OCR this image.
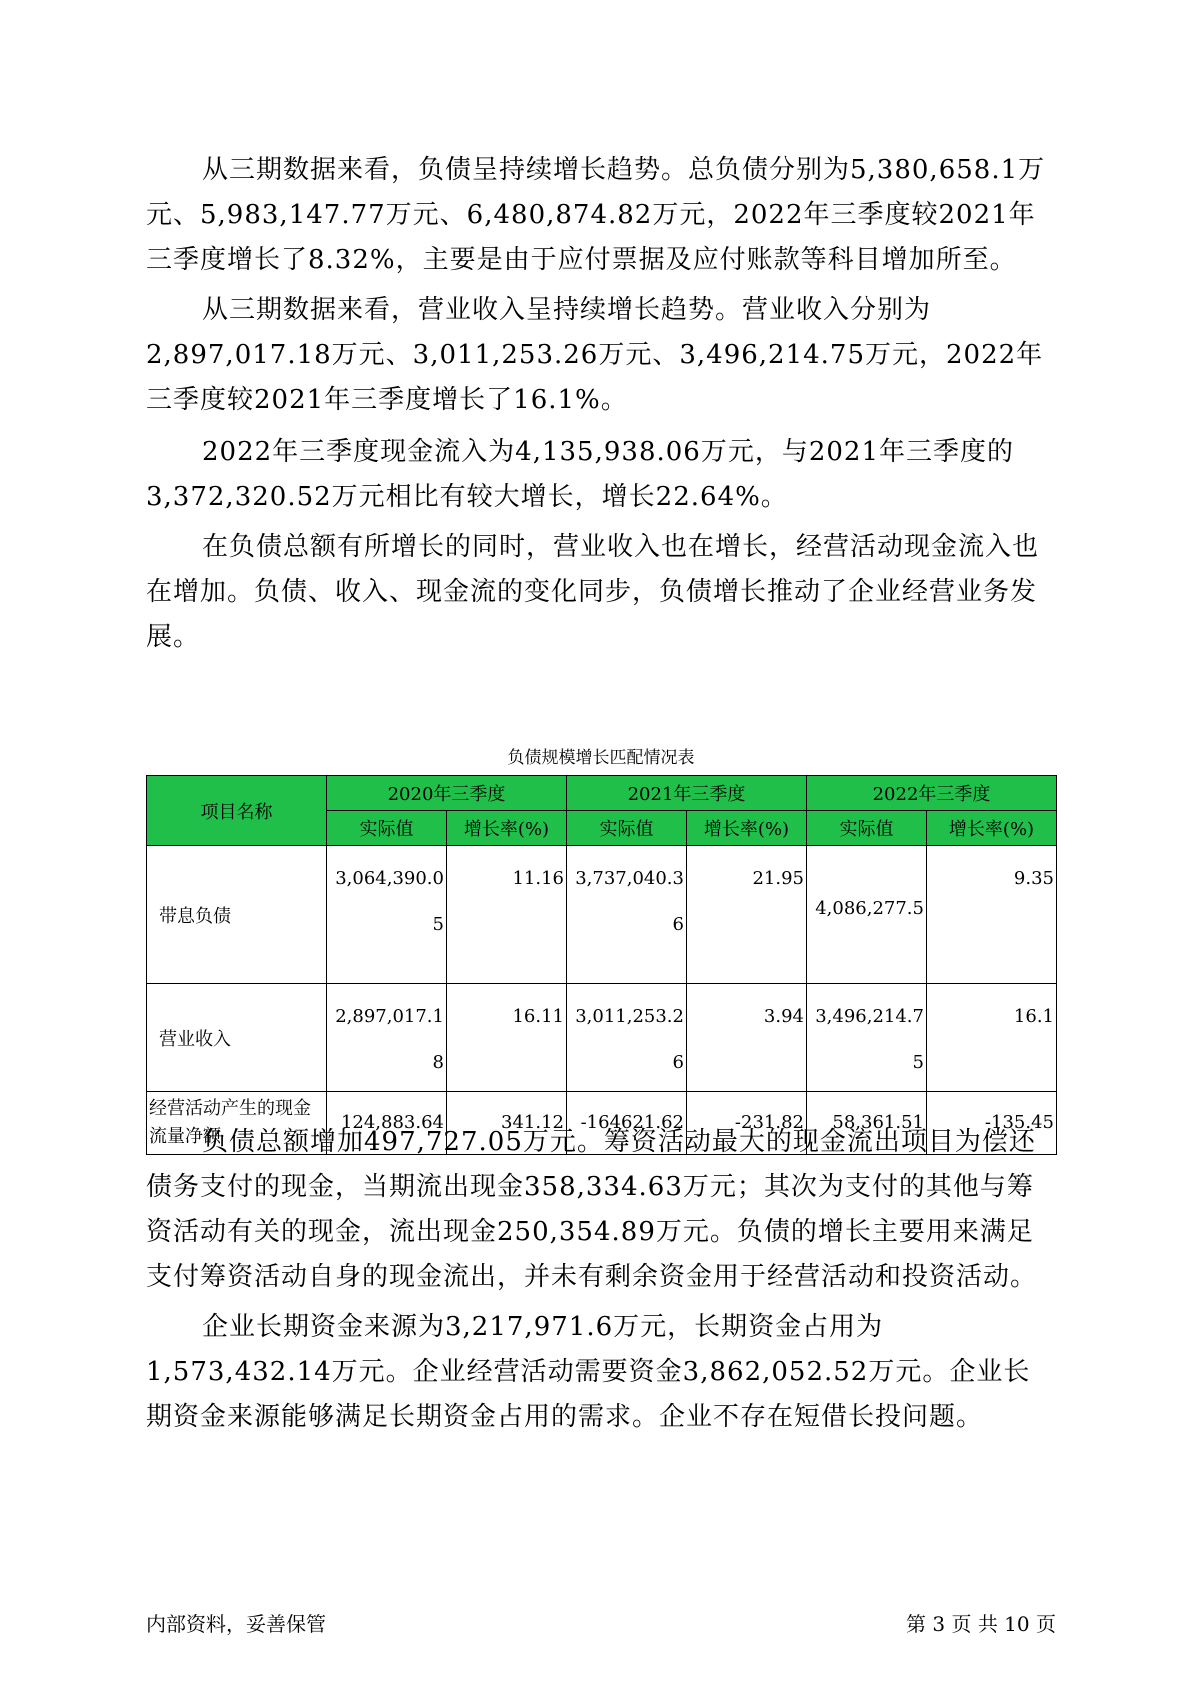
从三期数据来看，负债呈持续增长趋势。总负债分别为5,380,658.1万元、5,983,147.77万元、6,480,874.82万元，2022年三季度较2021年三季度增长了8.32%，主要是由于应付票据及应付账款等科目增加所至。

从三期数据来看，营业收入呈持续增长趋势。营业收入分别为2,897,017.18万元、3,011,253.26万元、3,496,214.75万元，2022年三季度较2021年三季度增长了16.1%。

2022年三季度现金流入为4,135,938.06万元，与2021年三季度的3,372,320.52万元相比有较大增长，增长22.64%。

在负债总额有所增长的同时，营业收入也在增长，经营活动现金流入也在增加。负债、收入、现金流的变化同步，负债增长推动了企业经营业务发展。

负债规模增长匹配情况表
项目名称	2020年三季度		2021年三季度		2022年三季度	
	实际值	增长率(%)	实际值	增长率(%)	实际值	增长率(%)
带息负债	3,064,390.05	11.16	3,737,040.36	21.95	4,086,277.5	9.35
营业收入	2,897,017.18	16.11	3,011,253.26	3.94	3,496,214.75	16.1
经营活动产生的现金流量净额	124,883.64	341.12	-164621.62	-231.82	58,361.51	-135.45

负债总额增加497,727.05万元。筹资活动最大的现金流出项目为偿还债务支付的现金，当期流出现金358,334.63万元；其次为支付的其他与筹资活动有关的现金，流出现金250,354.89万元。负债的增长主要用来满足支付筹资活动自身的现金流出，并未有剩余资金用于经营活动和投资活动。

企业长期资金来源为3,217,971.6万元，长期资金占用为1,573,432.14万元。企业经营活动需要资金3,862,052.52万元。企业长期资金来源能够满足长期资金占用的需求。企业不存在短借长投问题。

内部资料，妥善保管	第 3 页 共 10 页
